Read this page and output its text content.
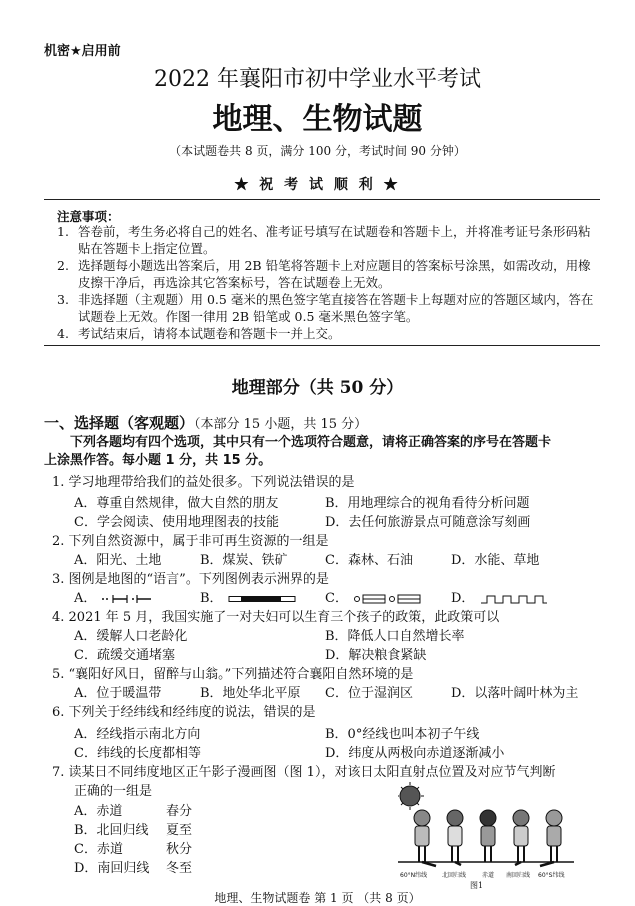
机密★启用前
2022 年襄阳市初中学业水平考试
地理、生物试题
（本试题卷共 8 页，满分 100 分，考试时间 90 分钟）
★ 祝 考 试 顺 利 ★
注意事项：
1. 答卷前，考生务必将自己的姓名、准考证号填写在试题卷和答题卡上，并将准考证号条形码粘贴在答题卡上指定位置。
2. 选择题每小题选出答案后，用 2B 铅笔将答题卡上对应题目的答案标号涂黑，如需改动，用橡皮擦干净后，再选涂其它答案标号，答在试题卷上无效。
3. 非选择题（主观题）用 0.5 毫米的黑色签字笔直接答在答题卡上每题对应的答题区域内，答在试题卷上无效。作图一律用 2B 铅笔或 0.5 毫米黑色签字笔。
4. 考试结束后，请将本试题卷和答题卡一并上交。
地理部分（共 50 分）
一、选择题（客观题）（本部分 15 小题，共 15 分）
下列各题均有四个选项，其中只有一个选项符合题意，请将正确答案的序号在答题卡
上涂黑作答。每小题 1 分，共 15 分。
1. 学习地理带给我们的益处很多。下列说法错误的是
A．尊重自然规律，做大自然的朋友	B．用地理综合的视角看待分析问题
C．学会阅读、使用地理图表的技能	D．去任何旅游景点可随意涂写刻画
2. 下列自然资源中，属于非可再生资源的一组是
A．阳光、土地	B．煤炭、铁矿	C．森林、石油	D．水能、草地
3. 图例是地图的“语言”。下列图例表示洲界的是
A．	B．	C．	D．
4. 2021 年 5 月，我国实施了一对夫妇可以生育三个孩子的政策，此政策可以
A．缓解人口老龄化	B．降低人口自然增长率
C．疏缓交通堵塞	D．解决粮食紧缺
5. “襄阳好风日，留醉与山翁。”下列描述符合襄阳自然环境的是
A．位于暖温带	B．地处华北平原 C．位于湿润区	D．以落叶阔叶林为主
6. 下列关于经纬线和经纬度的说法，错误的是
A．经线指示南北方向	B．0°经线也叫本初子午线
C．纬线的长度都相等	D．纬度从两极向赤道逐渐减小
7. 读某日不同纬度地区正午影子漫画图（图 1），对该日太阳直射点位置及对应节气判断
正确的一组是
A．赤道	春分
B．北回归线 夏至
C．赤道	秋分
D．南回归线 冬至	60°N纬线 北回归线	赤道 南回归线 60°S纬线
图1
地理、生物试题卷 第 1 页 （共 8 页）
